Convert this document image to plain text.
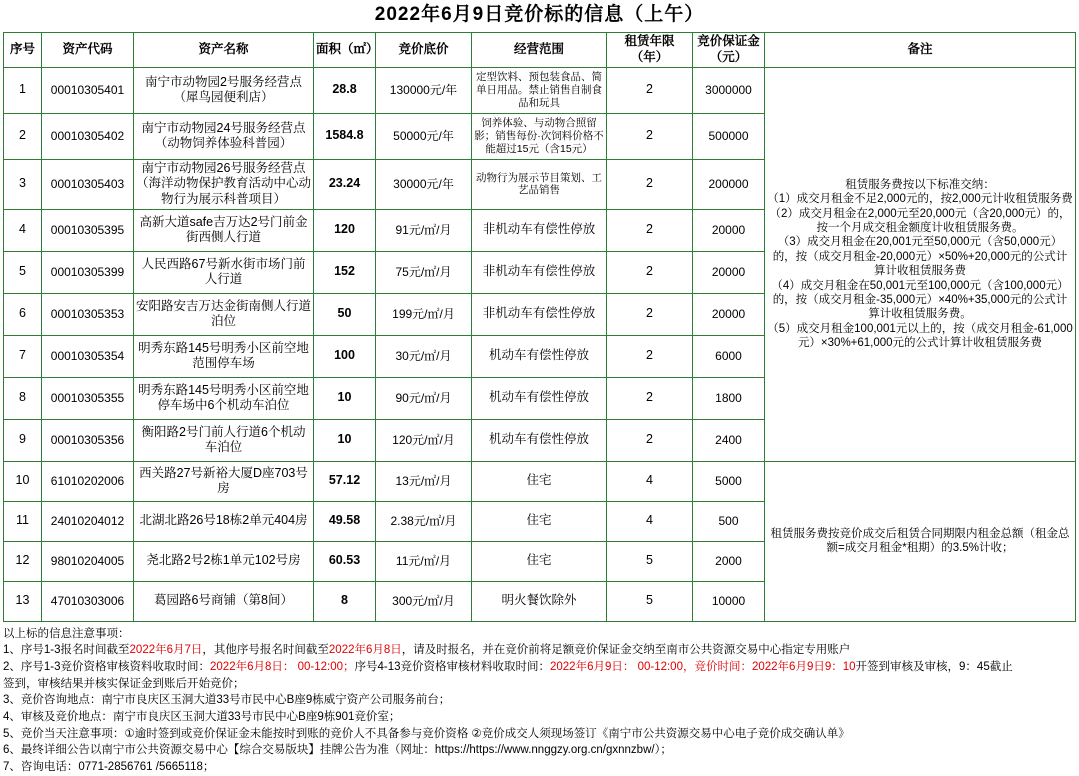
2022年6月9日竞价标的信息（上午）
序号	资产代码	资产名称	面积（㎡）	竞价底价	经营范围	租赁年限（年）	竞价保证金（元）	备注
1	00010305401	南宁市动物园2号服务经营点（犀鸟园便利店）	28.8	130000元/年	定型饮料、预包装食品、简单日用品。禁止销售自制食品和玩具	2	3000000	
租赁服务费按以下标准交纳：
（1）成交月租金不足2,000元的，按2,000元计收租赁服务费
（2）成交月租金在2,000元至20,000元（含20,000元）的，按一个月成交租金额度计收租赁服务费。
（3）成交月租金在20,001元至50,000元（含50,000元）的，按（成交月租金-20,000元）×50%+20,000元的公式计算计收租赁服务费
（4）成交月租金在50,001元至100,000元（含100,000元）的，按（成交月租金-35,000元）×40%+35,000元的公式计算计收租赁服务费。
（5）成交月租金100,001元以上的，按（成交月租金-61,000元）×30%+61,000元的公式计算计收租赁服务费

2	00010305402	南宁市动物园24号服务经营点（动物饲养体验科普园）	1584.8	50000元/年	饲养体验、与动物合照留影；销售每份·次饲料价格不能超过15元（含15元）	2	500000	
3	00010305403	南宁市动物园26号服务经营点（海洋动物保护教育活动中心动物行为展示科普项目）	23.24	30000元/年	动物行为展示节目策划、工艺品销售	2	200000	
4	00010305395	高新大道safe吉万达2号门前金街西侧人行道	120	91元/㎡/月	非机动车有偿性停放	2	20000	
5	00010305399	人民西路67号新水街市场门前人行道	152	75元/㎡/月	非机动车有偿性停放	2	20000	
6	00010305353	安阳路安吉万达金街南侧人行道泊位	50	199元/㎡/月	非机动车有偿性停放	2	20000	
7	00010305354	明秀东路145号明秀小区前空地范围停车场	100	30元/㎡/月	机动车有偿性停放	2	6000	
8	00010305355	明秀东路145号明秀小区前空地停车场中6个机动车泊位	10	90元/㎡/月	机动车有偿性停放	2	1800	
9	00010305356	衡阳路2号门前人行道6个机动车泊位	10	120元/㎡/月	机动车有偿性停放	2	2400	
10	61010202006	西关路27号新裕大厦D座703号房	57.12	13元/㎡/月	住宅	4	5000	租赁服务费按竞价成交后租赁合同期限内租金总额（租金总额=成交月租金*租期）的3.5%计收；
11	24010204012	北湖北路26号18栋2单元404房	49.58	2.38元/㎡/月	住宅	4	500	
12	98010204005	尧北路2号2栋1单元102号房	60.53	11元/㎡/月	住宅	5	2000	
13	47010303006	葛园路6号商铺（第8间）	8	300元/㎡/月	明火餐饮除外	5	10000	
以上标的信息注意事项：
1、序号1-3报名时间截至2022年6月7日，其他序号报名时间截至2022年6月8日，请及时报名，并在竞价前将足额竞价保证金交纳至南市公共资源交易中心指定专用账户
2、序号1-3竞价资格审核资料收取时间：2022年6月8日： 00-12:00；序号4-13竞价资格审核材料收取时间：2022年6月9日： 00-12:00，竞价时间：2022年6月9日9：10开签到审核及审核，9：45截止
签到，审核结果并核实保证金到账后开始竞价；
3、竞价咨询地点：南宁市良庆区玉洞大道33号市民中心B座9栋威宁资产公司服务前台；
4、审核及竞价地点：南宁市良庆区玉洞大道33号市民中心B座9栋901竞价室；
5、竞价当天注意事项：①逾时签到或竞价保证金未能按时到账的竞价人不具备参与竞价资格 ②竞价成交人须现场签订《南宁市公共资源交易中心电子竞价成交确认单》
6、最终详细公告以南宁市公共资源交易中心【综合交易版块】挂牌公告为准（网址：https://https://www.nnggzy.org.cn/gxnnzbw/）；
7、咨询电话：0771-2856761 /5665118；
